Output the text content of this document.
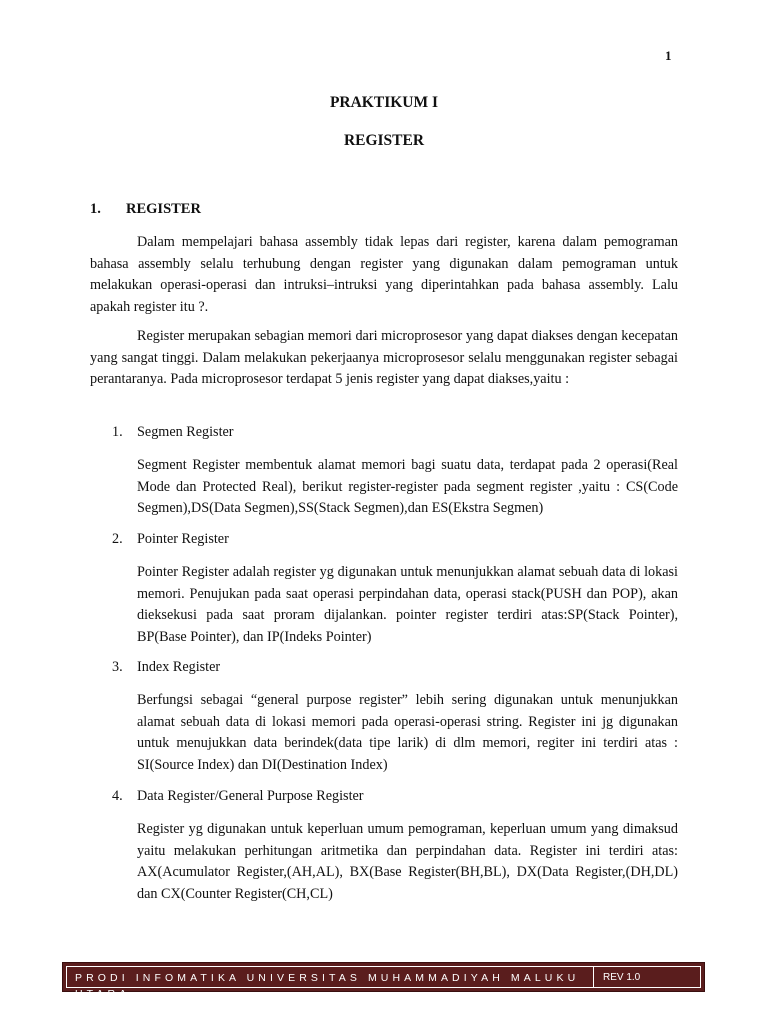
1
PRAKTIKUM I
REGISTER
1. REGISTER

Dalam mempelajari bahasa assembly tidak lepas dari register, karena dalam pemograman bahasa assembly selalu terhubung dengan register yang digunakan dalam pemograman untuk melakukan operasi-operasi dan intruksi–intruksi yang diperintahkan pada bahasa assembly. Lalu apakah register itu ?.

Register merupakan sebagian memori dari microprosesor yang dapat diakses dengan kecepatan yang sangat tinggi. Dalam melakukan pekerjaanya microprosesor selalu menggunakan register sebagai perantaranya. Pada microprosesor terdapat 5 jenis register yang dapat diakses,yaitu :

1. Segmen Register

Segment Register membentuk alamat memori bagi suatu data, terdapat pada 2 operasi(Real Mode dan Protected Real), berikut register-register pada segment register ,yaitu : CS(Code Segmen),DS(Data Segmen),SS(Stack Segmen),dan ES(Ekstra Segmen)

2. Pointer Register

Pointer Register adalah register yg digunakan untuk menunjukkan alamat sebuah data di lokasi memori. Penujukan pada saat operasi perpindahan data, operasi stack(PUSH dan POP), akan dieksekusi pada saat proram dijalankan. pointer register terdiri atas:SP(Stack Pointer), BP(Base Pointer), dan IP(Indeks Pointer)

3. Index Register

Berfungsi sebagai “general purpose register” lebih sering digunakan untuk menunjukkan alamat sebuah data di lokasi memori pada operasi-operasi string. Register ini jg digunakan untuk menujukkan data berindek(data tipe larik) di dlm memori, regiter ini terdiri atas : SI(Source Index) dan DI(Destination Index)

4. Data Register/General Purpose Register

Register yg digunakan untuk keperluan umum pemograman, keperluan umum yang dimaksud yaitu melakukan perhitungan aritmetika dan perpindahan data. Register ini terdiri atas: AX(Acumulator Register,(AH,AL), BX(Base Register(BH,BL), DX(Data Register,(DH,DL) dan CX(Counter Register(CH,CL)

PRODI INFOMATIKA UNIVERSITAS MUHAMMADIYAH MALUKU UTARA
REV 1.0
